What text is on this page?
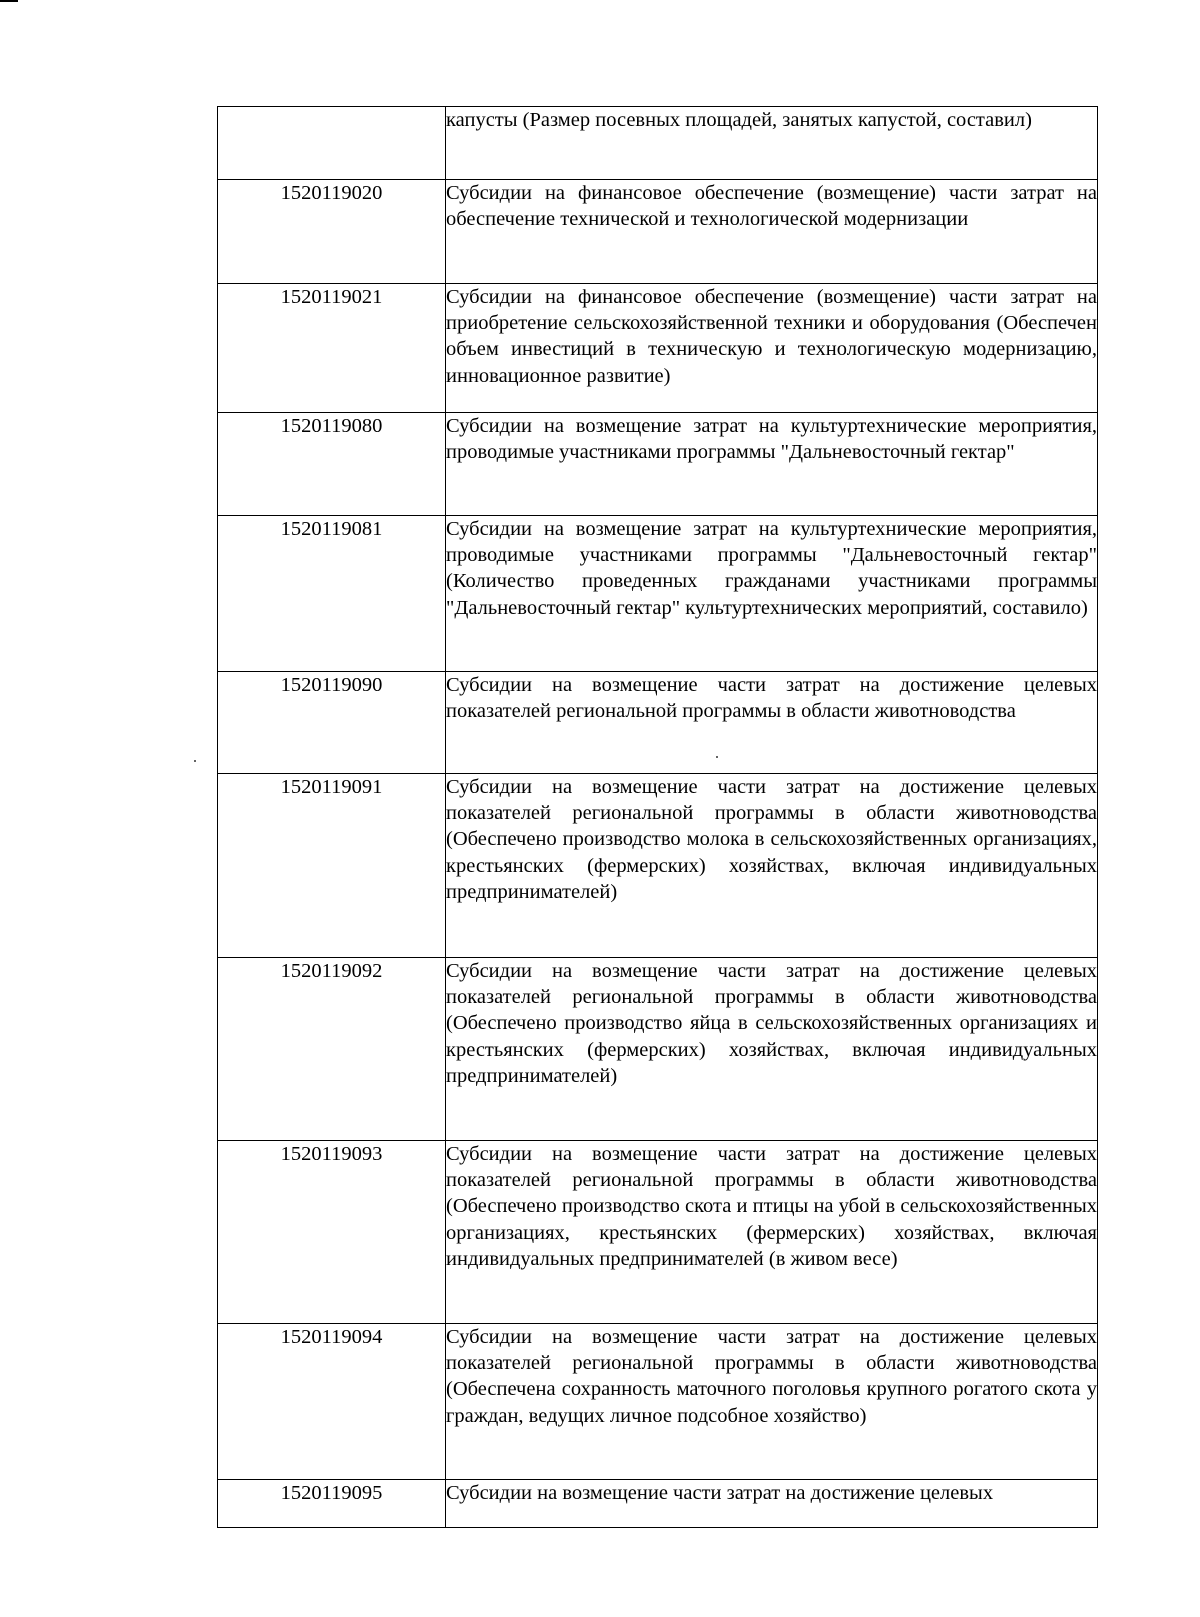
	капусты (Размер посевных площадей, занятых капустой, составил)
1520119020	Субсидии на финансовое обеспечение (возмещение) части затрат на обеспечение технической и технологической модернизации
1520119021	Субсидии на финансовое обеспечение (возмещение) части затрат на приобретение сельскохозяйственной техники и оборудования (Обеспечен объем инвестиций в техническую и технологическую модернизацию, инновационное развитие)
1520119080	Субсидии на возмещение затрат на культуртехнические мероприятия, проводимые участниками программы "Дальневосточный гектар"
1520119081	Субсидии на возмещение затрат на культуртехнические мероприятия, проводимые участниками программы "Дальневосточный гектар" (Количество проведенных гражданами участниками программы "Дальневосточный гектар" культуртехнических мероприятий, составило)
1520119090	Субсидии на возмещение части затрат на достижение целевых показателей региональной программы в области животноводства
1520119091	Субсидии на возмещение части затрат на достижение целевых показателей региональной программы в области животноводства (Обеспечено производство молока в сельскохозяйственных организациях, крестьянских (фермерских) хозяйствах, включая индивидуальных предпринимателей)
1520119092	Субсидии на возмещение части затрат на достижение целевых показателей региональной программы в области животноводства (Обеспечено производство яйца в сельскохозяйственных организациях и крестьянских (фермерских) хозяйствах, включая индивидуальных предпринимателей)
1520119093	Субсидии на возмещение части затрат на достижение целевых показателей региональной программы в области животноводства (Обеспечено производство скота и птицы на убой в сельскохозяйственных организациях, крестьянских (фермерских) хозяйствах, включая индивидуальных предпринимателей (в живом весе)
1520119094	Субсидии на возмещение части затрат на достижение целевых показателей региональной программы в области животноводства (Обеспечена сохранность маточного поголовья крупного рогатого скота у граждан, ведущих личное подсобное хозяйство)
1520119095	Субсидии на возмещение части затрат на достижение целевых
